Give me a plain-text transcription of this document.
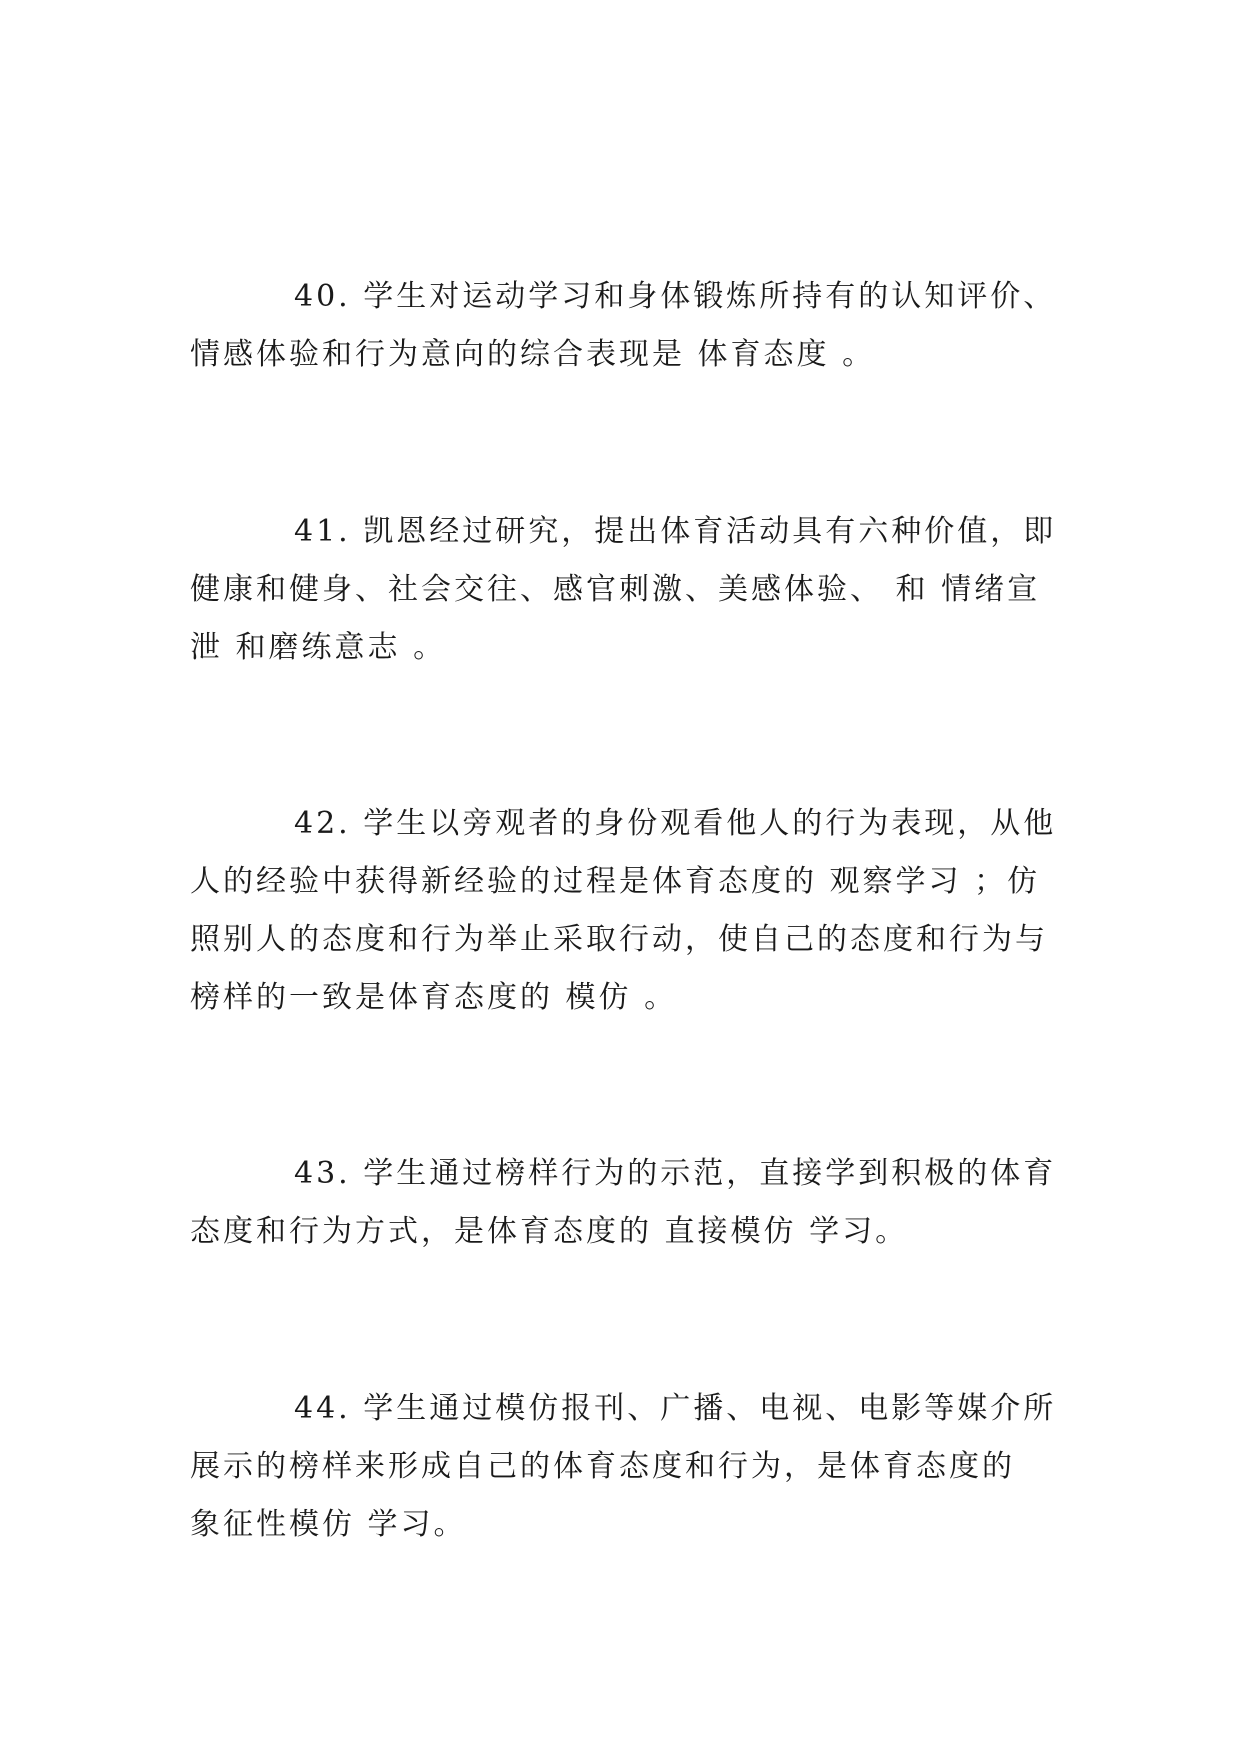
40. 学生对运动学习和身体锻炼所持有的认知评价、
情感体验和行为意向的综合表现是 体育态度 。
41. 凯恩经过研究，提出体育活动具有六种价值，即
健康和健身、社会交往、感官刺激、美感体验、 和 情绪宣
泄 和磨练意志 。
42. 学生以旁观者的身份观看他人的行为表现，从他
人的经验中获得新经验的过程是体育态度的 观察学习 ；仿
照别人的态度和行为举止采取行动，使自己的态度和行为与
榜样的一致是体育态度的 模仿 。
43. 学生通过榜样行为的示范，直接学到积极的体育
态度和行为方式，是体育态度的 直接模仿 学习。
44. 学生通过模仿报刊、广播、电视、电影等媒介所
展示的榜样来形成自己的体育态度和行为，是体育态度的
象征性模仿 学习。
